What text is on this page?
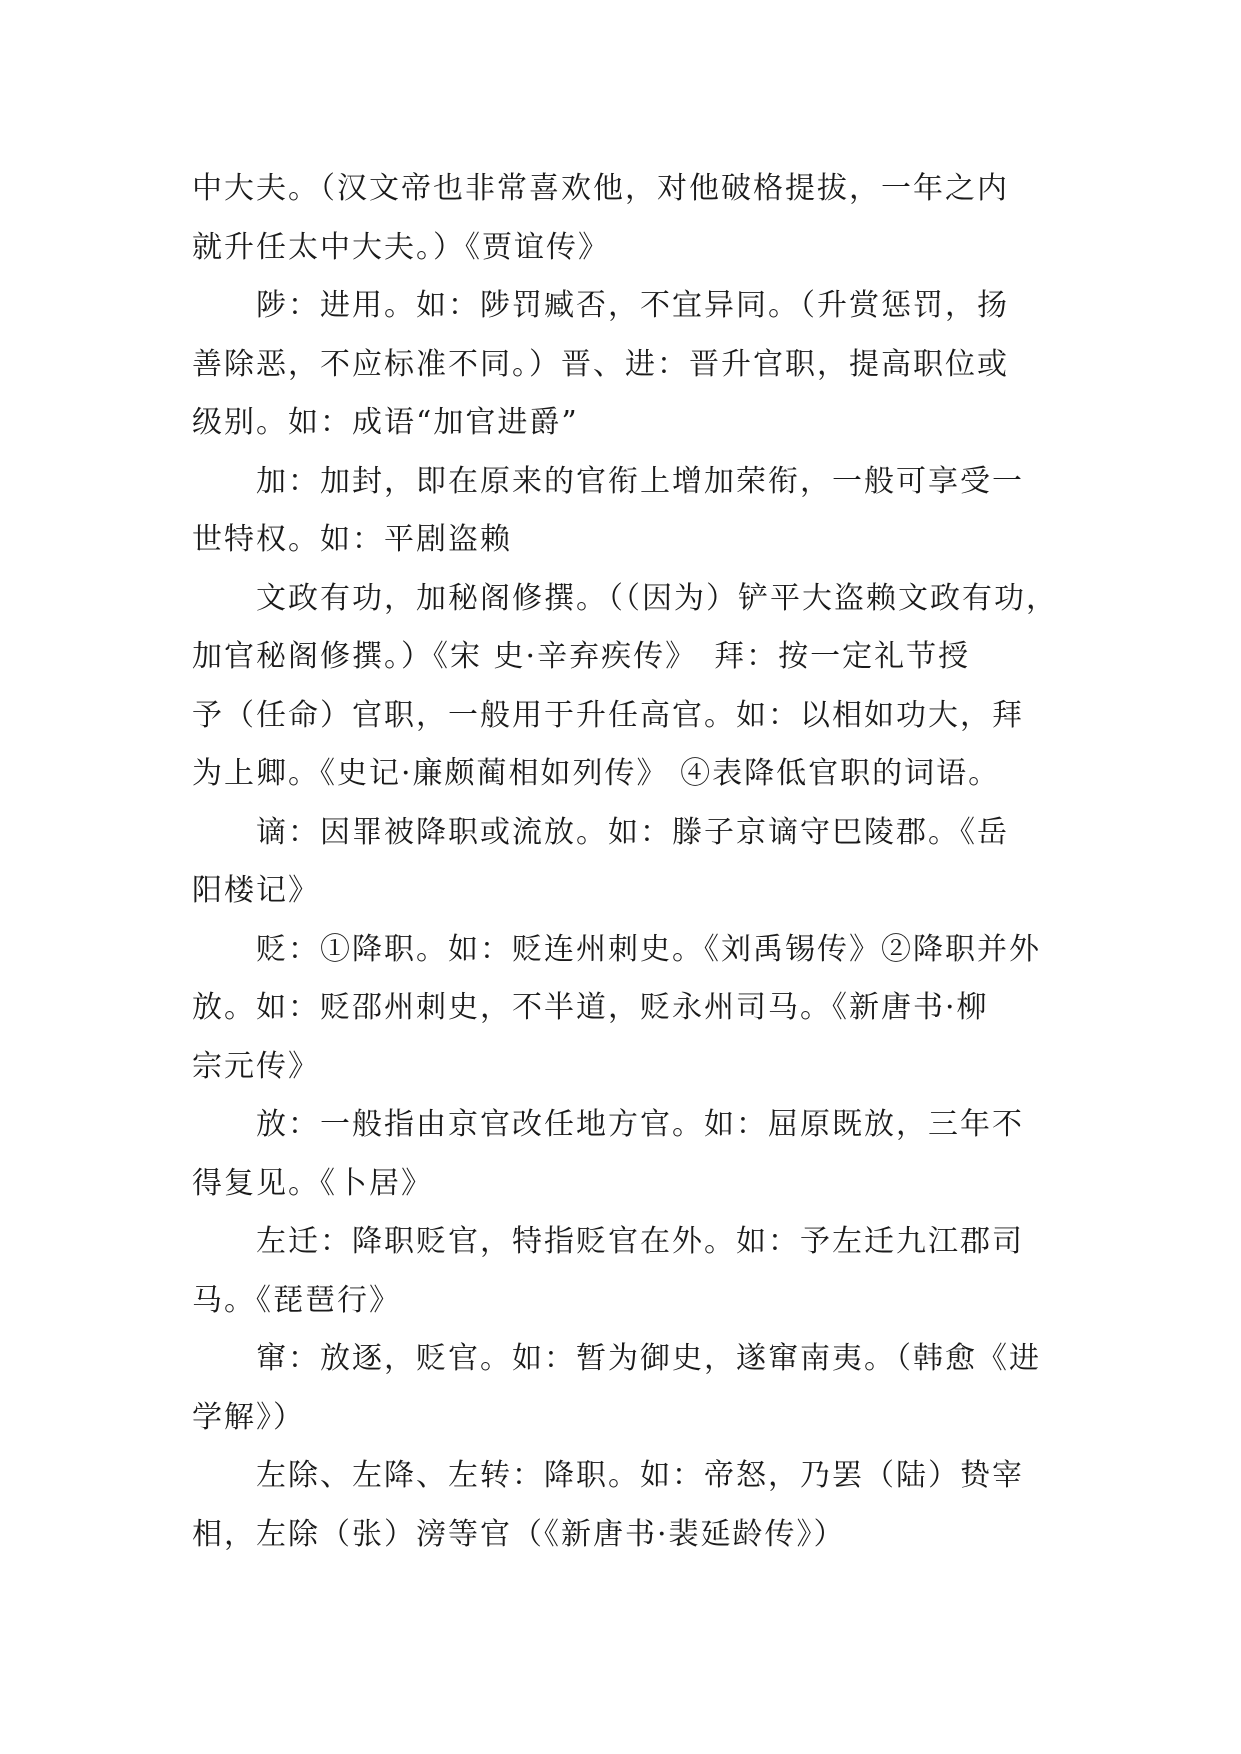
中大夫。（汉文帝也非常喜欢他，对他破格提拔，一年之内
就升任太中大夫。）《贾谊传》
陟：进用。如：陟罚臧否，不宜异同。（升赏惩罚，扬
善除恶，不应标准不同。）晋、进：晋升官职，提高职位或
级别。如：成语“加官进爵”
加：加封，即在原来的官衔上增加荣衔，一般可享受一
世特权。如：平剧盗赖
文政有功，加秘阁修撰。（（因为）铲平大盗赖文政有功，
加官秘阁修撰。）《宋 史·辛弃疾传》　拜：按一定礼节授
予（任命）官职，一般用于升任高官。如：以相如功大，拜
为上卿。《史记·廉颇蔺相如列传》 ④表降低官职的词语。
谪：因罪被降职或流放。如：滕子京谪守巴陵郡。《岳
阳楼记》
贬：①降职。如：贬连州刺史。《刘禹锡传》②降职并外
放。如：贬邵州刺史，不半道，贬永州司马。《新唐书·柳
宗元传》
放：一般指由京官改任地方官。如：屈原既放，三年不
得复见。《卜居》
左迁：降职贬官，特指贬官在外。如：予左迁九江郡司
马。《琵琶行》
窜：放逐，贬官。如：暂为御史，遂窜南夷。（韩愈《进
学解》）
左除、左降、左转：降职。如：帝怒，乃罢（陆）贽宰
相，左除（张）滂等官（《新唐书·裴延龄传》）
